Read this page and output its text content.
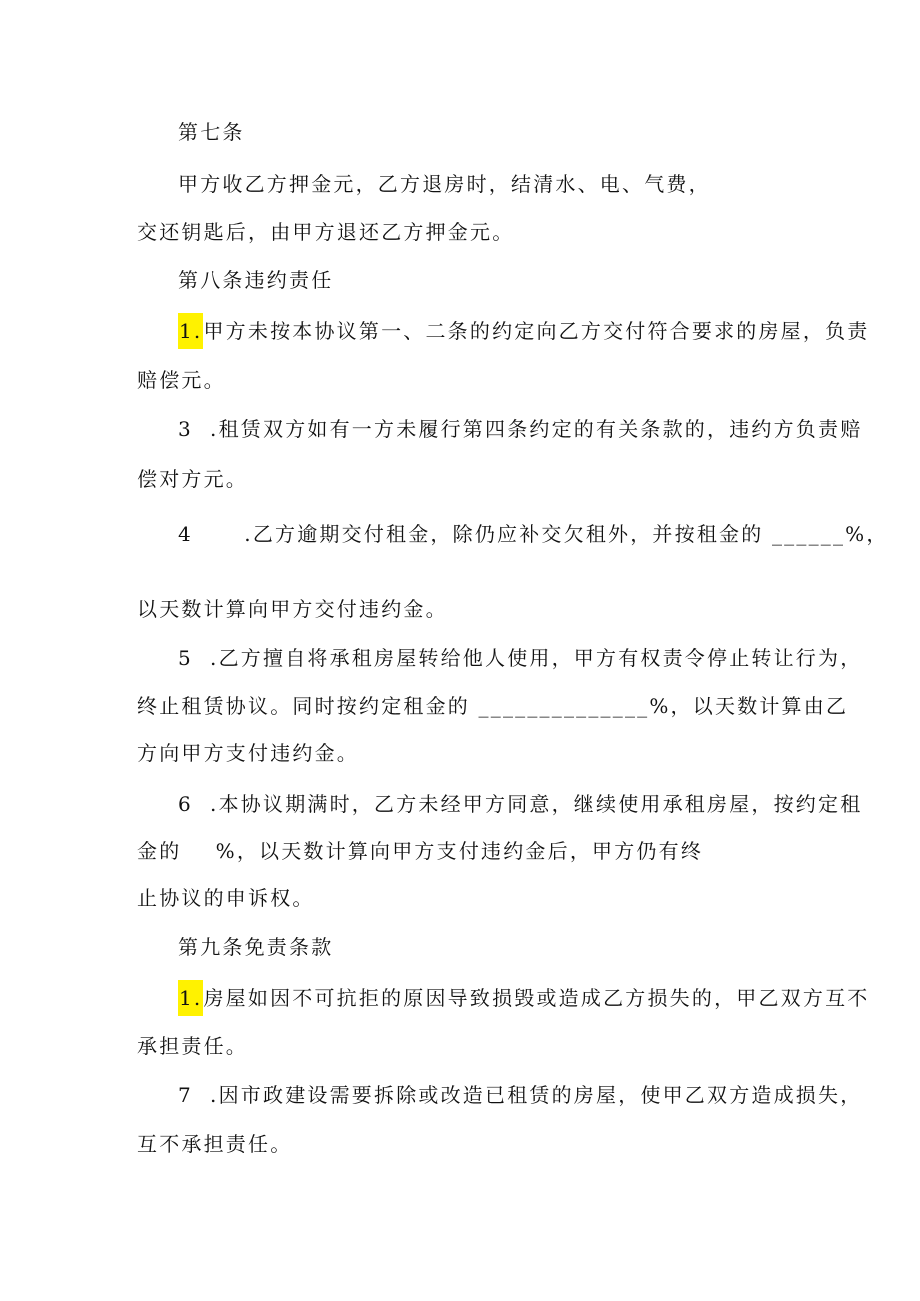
第七条
甲方收乙方押金元，乙方退房时，结清水、电、气费，
交还钥匙后，由甲方退还乙方押金元。
第八条违约责任
1.甲方未按本协议第一、二条的约定向乙方交付符合要求的房屋，负责
赔偿元。
3  .租赁双方如有一方未履行第四条约定的有关条款的，违约方负责赔
偿对方元。
4      .乙方逾期交付租金，除仍应补交欠租外，并按租金的 ______%，
以天数计算向甲方交付违约金。
5  .乙方擅自将承租房屋转给他人使用，甲方有权责令停止转让行为，
终止租赁协议。同时按约定租金的 ______________%，以天数计算由乙
方向甲方支付违约金。
6  .本协议期满时，乙方未经甲方同意，继续使用承租房屋，按约定租
金的    %，以天数计算向甲方支付违约金后，甲方仍有终
止协议的申诉权。
第九条免责条款
1.房屋如因不可抗拒的原因导致损毁或造成乙方损失的，甲乙双方互不
承担责任。
7  .因市政建设需要拆除或改造已租赁的房屋，使甲乙双方造成损失，
互不承担责任。
